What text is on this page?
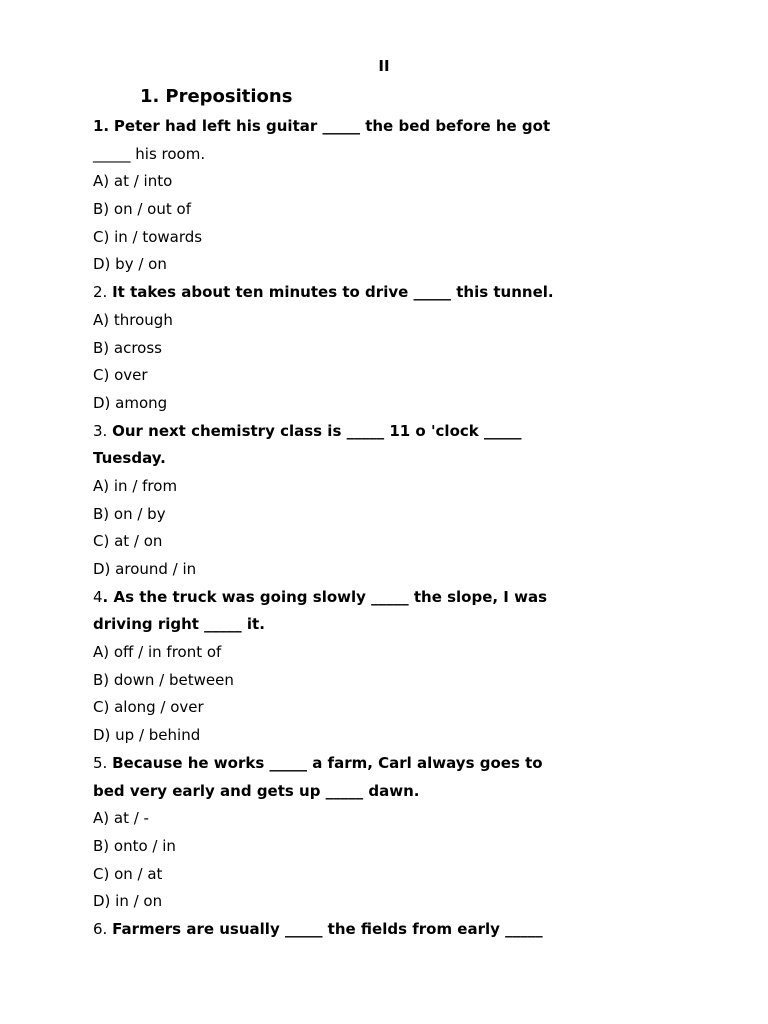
II
1. Prepositions
1. Peter had left his guitar _____ the bed before he got
_____ his room.
A) at / into
B) on / out of
C) in / towards
D) by / on
2. It takes about ten minutes to drive _____ this tunnel.
A) through
B) across
C) over
D) among
3. Our next chemistry class is _____ 11 o 'clock _____
Tuesday.
A) in / from
B) on / by
C) at / on
D) around / in
4. As the truck was going slowly _____ the slope, I was
driving right _____ it.
A) off / in front of
B) down / between
C) along / over
D) up / behind
5. Because he works _____ a farm, Carl always goes to
bed very early and gets up _____ dawn.
A) at / -
B) onto / in
C) on / at
D) in / on
6. Farmers are usually _____ the fields from early _____
